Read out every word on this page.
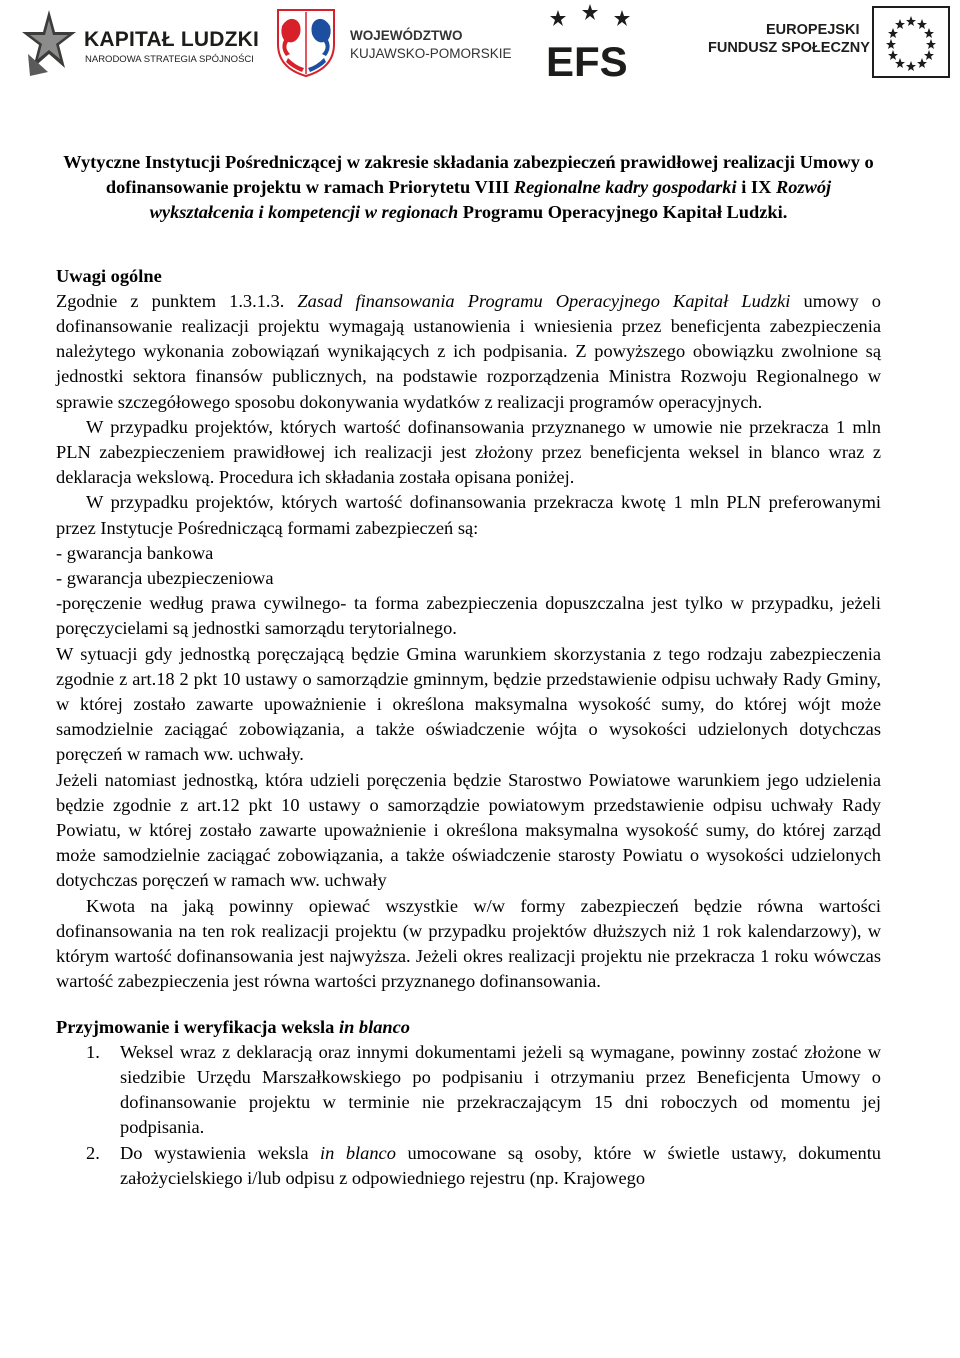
KAPITAŁ LUDZKI
NARODOWA STRATEGIA SPÓJNOŚCI
WOJEWÓDZTWO
KUJAWSKO-POMORSKIE EFS
EUROPEJSKI
FUNDUSZ SPOŁECZNY

Wytyczne Instytucji Pośredniczącej w zakresie składania zabezpieczeń prawidłowej realizacji Umowy o dofinansowanie projektu w ramach Priorytetu VIII Regionalne kadry gospodarki i IX Rozwój wykształcenia i kompetencji w regionach Programu Operacyjnego Kapitał Ludzki.

Uwagi ogólne

Zgodnie z punktem 1.3.1.3. Zasad finansowania Programu Operacyjnego Kapitał Ludzki umowy o dofinansowanie realizacji projektu wymagają ustanowienia i wniesienia przez beneficjenta zabezpieczenia należytego wykonania zobowiązań wynikających z ich podpisania. Z powyższego obowiązku zwolnione są jednostki sektora finansów publicznych, na podstawie rozporządzenia Ministra Rozwoju Regionalnego w sprawie szczegółowego sposobu dokonywania wydatków z realizacji programów operacyjnych.

W przypadku projektów, których wartość dofinansowania przyznanego w umowie nie przekracza 1 mln PLN zabezpieczeniem prawidłowej ich realizacji jest złożony przez beneficjenta weksel in blanco wraz z deklaracja wekslową. Procedura ich składania została opisana poniżej.

W przypadku projektów, których wartość dofinansowania przekracza kwotę 1 mln PLN preferowanymi przez Instytucje Pośredniczącą formami zabezpieczeń są:

- gwarancja bankowa

- gwarancja ubezpieczeniowa

-poręczenie według prawa cywilnego- ta forma zabezpieczenia dopuszczalna jest tylko w przypadku, jeżeli poręczycielami są jednostki samorządu terytorialnego.

W sytuacji gdy jednostką poręczającą będzie Gmina warunkiem skorzystania z tego rodzaju zabezpieczenia zgodnie z art.18 2 pkt 10 ustawy o samorządzie gminnym, będzie przedstawienie odpisu uchwały Rady Gminy, w której zostało zawarte upoważnienie i określona maksymalna wysokość sumy, do której wójt może samodzielnie zaciągać zobowiązania, a także oświadczenie wójta o wysokości udzielonych dotychczas poręczeń w ramach ww. uchwały.

Jeżeli natomiast jednostką, która udzieli poręczenia będzie Starostwo Powiatowe warunkiem jego udzielenia będzie zgodnie z art.12 pkt 10 ustawy o samorządzie powiatowym przedstawienie odpisu uchwały Rady Powiatu, w której zostało zawarte upoważnienie i określona maksymalna wysokość sumy, do której zarząd może samodzielnie zaciągać zobowiązania, a także oświadczenie starosty Powiatu o wysokości udzielonych dotychczas poręczeń w ramach ww. uchwały

Kwota na jaką powinny opiewać wszystkie w/w formy zabezpieczeń będzie równa wartości dofinansowania na ten rok realizacji projektu (w przypadku projektów dłuższych niż 1 rok kalendarzowy), w którym wartość dofinansowania jest najwyższa. Jeżeli okres realizacji projektu nie przekracza 1 roku wówczas wartość zabezpieczenia jest równa wartości przyznanego dofinansowania.

Przyjmowanie i weryfikacja weksla in blanco
1. Weksel wraz z deklaracją oraz innymi dokumentami jeżeli są wymagane, powinny zostać złożone w siedzibie Urzędu Marszałkowskiego po podpisaniu i otrzymaniu przez Beneficjenta Umowy o dofinansowanie projektu w terminie nie przekraczającym 15 dni roboczych od momentu jej podpisania.
2. Do wystawienia weksla in blanco umocowane są osoby, które w świetle ustawy, dokumentu założycielskiego i/lub odpisu z odpowiedniego rejestru (np. Krajowego
